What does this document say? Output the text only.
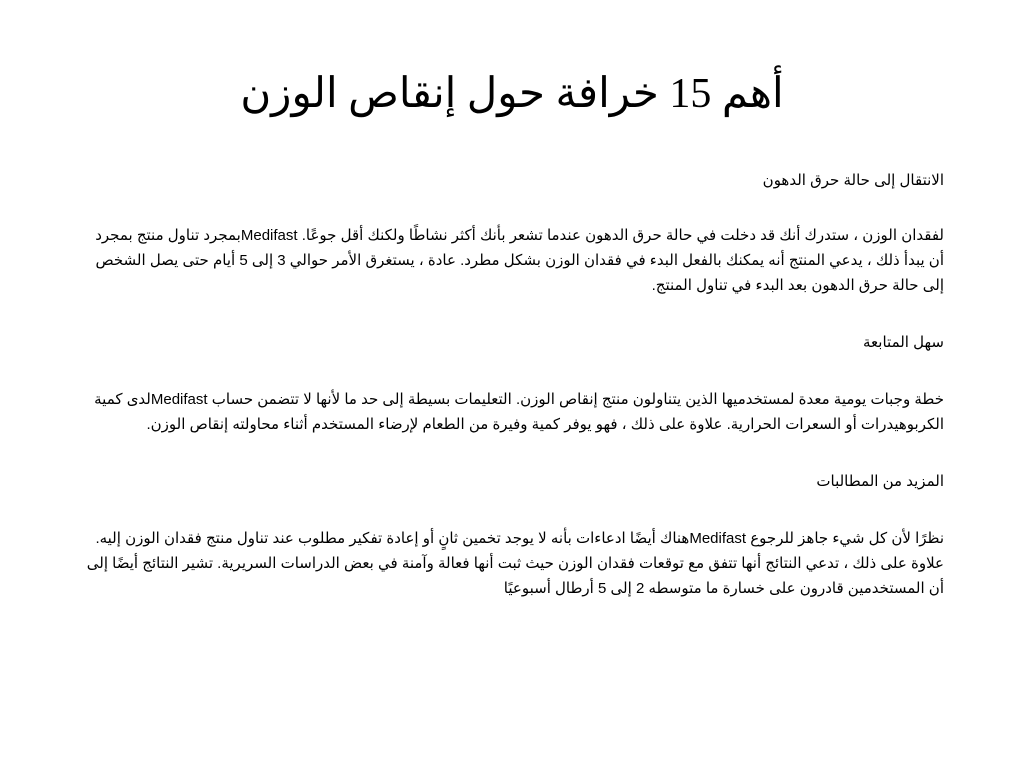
أهم 15 خرافة حول إنقاص الوزن

الانتقال إلى حالة حرق الدهون

لفقدان الوزن ، ستدرك أنك قد دخلت في حالة حرق الدهون عندما تشعر بأنك أكثر نشاطًا ولكنك أقل جوعًا. Medifastبمجرد تناول منتج بمجرد أن يبدأ ذلك ، يدعي المنتج أنه يمكنك بالفعل البدء في فقدان الوزن بشكل مطرد. عادة ، يستغرق الأمر حوالي 3 إلى 5 أيام حتى يصل الشخص إلى حالة حرق الدهون بعد البدء في تناول المنتج.

سهل المتابعة

خطة وجبات يومية معدة لمستخدميها الذين يتناولون منتج إنقاص الوزن. التعليمات بسيطة إلى حد ما لأنها لا تتضمن حساب Medifastلدى كمية الكربوهيدرات أو السعرات الحرارية. علاوة على ذلك ، فهو يوفر كمية وفيرة من الطعام لإرضاء المستخدم أثناء محاولته إنقاص الوزن.

المزيد من المطالبات

نظرًا لأن كل شيء جاهز للرجوع Medifastهناك أيضًا ادعاءات بأنه لا يوجد تخمين ثانٍ أو إعادة تفكير مطلوب عند تناول منتج فقدان الوزن إليه. علاوة على ذلك ، تدعي النتائج أنها تتفق مع توقعات فقدان الوزن حيث ثبت أنها فعالة وآمنة في بعض الدراسات السريرية. تشير النتائج أيضًا إلى أن المستخدمين قادرون على خسارة ما متوسطه 2 إلى 5 أرطال أسبوعيًا
